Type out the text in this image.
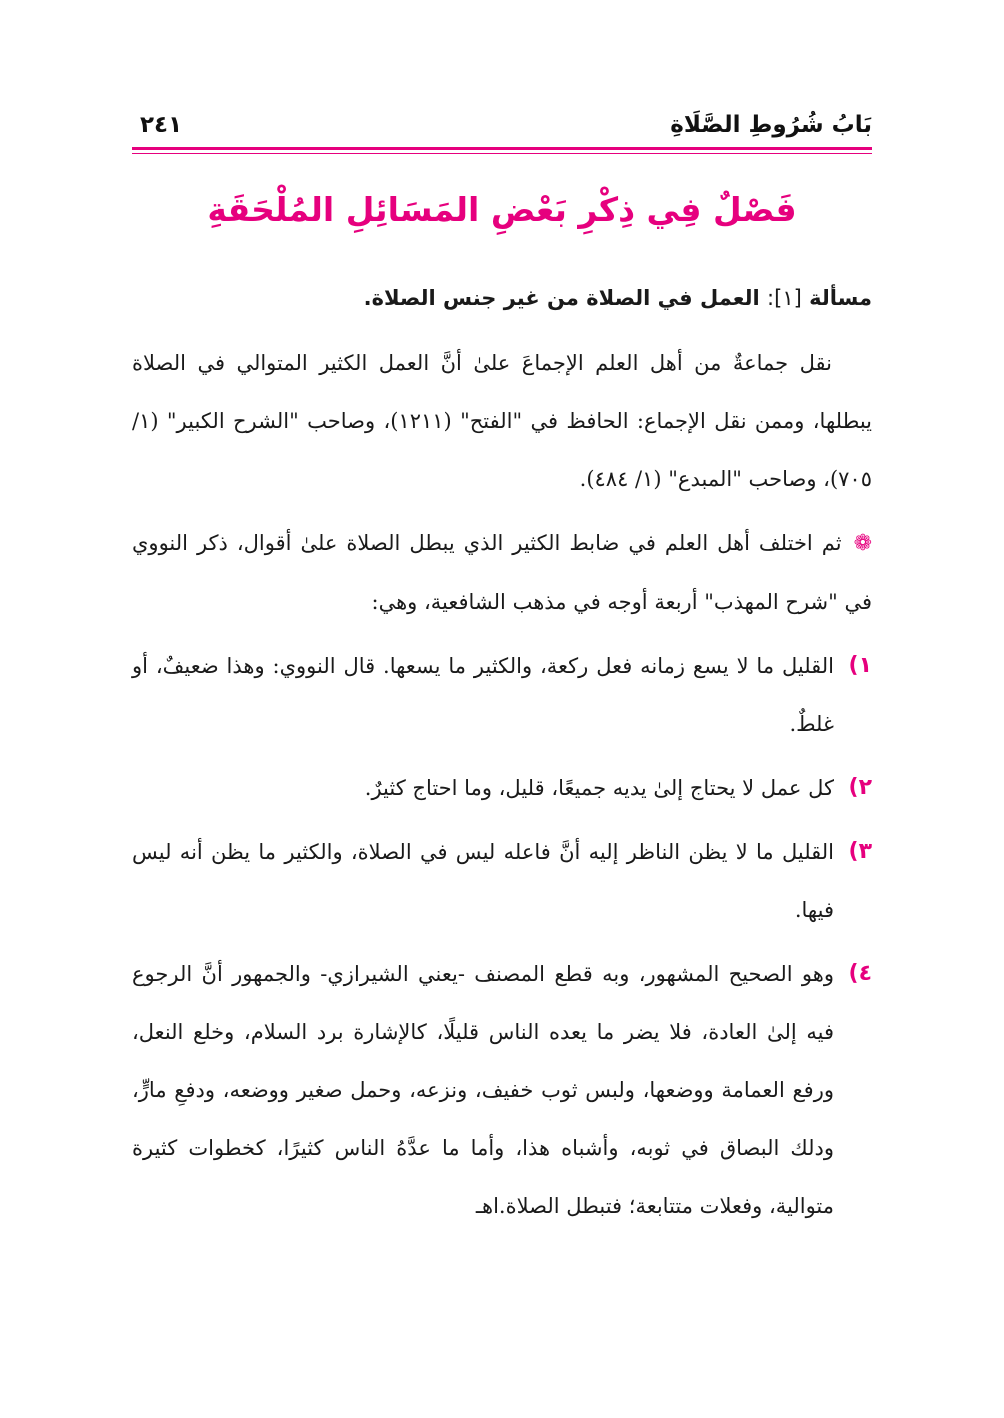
بَابُ شُرُوطِ الصَّلَاةِ
٢٤١
فَصْلٌ فِي ذِكْرِ بَعْضِ المَسَائِلِ المُلْحَقَةِ

مسألة [١]: العمل في الصلاة من غير جنس الصلاة.

نقل جماعةٌ من أهل العلم الإجماعَ علىٰ أنَّ العمل الكثير المتوالي في الصلاة يبطلها، وممن نقل الإجماع: الحافظ في "الفتح" (١٢١١)، وصاحب "الشرح الكبير" (١/ ٧٠٥)، وصاحب "المبدع" (١/ ٤٨٤).

❁ثم اختلف أهل العلم في ضابط الكثير الذي يبطل الصلاة علىٰ أقوال، ذكر النووي في "شرح المهذب" أربعة أوجه في مذهب الشافعية، وهي:

١)
القليل ما لا يسع زمانه فعل ركعة، والكثير ما يسعها. قال النووي: وهذا ضعيفٌ، أو غلطٌ.
٢)
كل عمل لا يحتاج إلىٰ يديه جميعًا، قليل، وما احتاج كثيرٌ.
٣)
القليل ما لا يظن الناظر إليه أنَّ فاعله ليس في الصلاة، والكثير ما يظن أنه ليس فيها.
٤)
وهو الصحيح المشهور، وبه قطع المصنف -يعني الشيرازي- والجمهور أنَّ الرجوع فيه إلىٰ العادة، فلا يضر ما يعده الناس قليلًا، كالإشارة برد السلام، وخلع النعل، ورفع العمامة ووضعها، ولبس ثوب خفيف، ونزعه، وحمل صغير ووضعه، ودفعِ مارٍّ، ودلك البصاق في ثوبه، وأشباه هذا، وأما ما عدَّهُ الناس كثيرًا، كخطوات كثيرة متوالية، وفعلات متتابعة؛ فتبطل الصلاة.اهـ
